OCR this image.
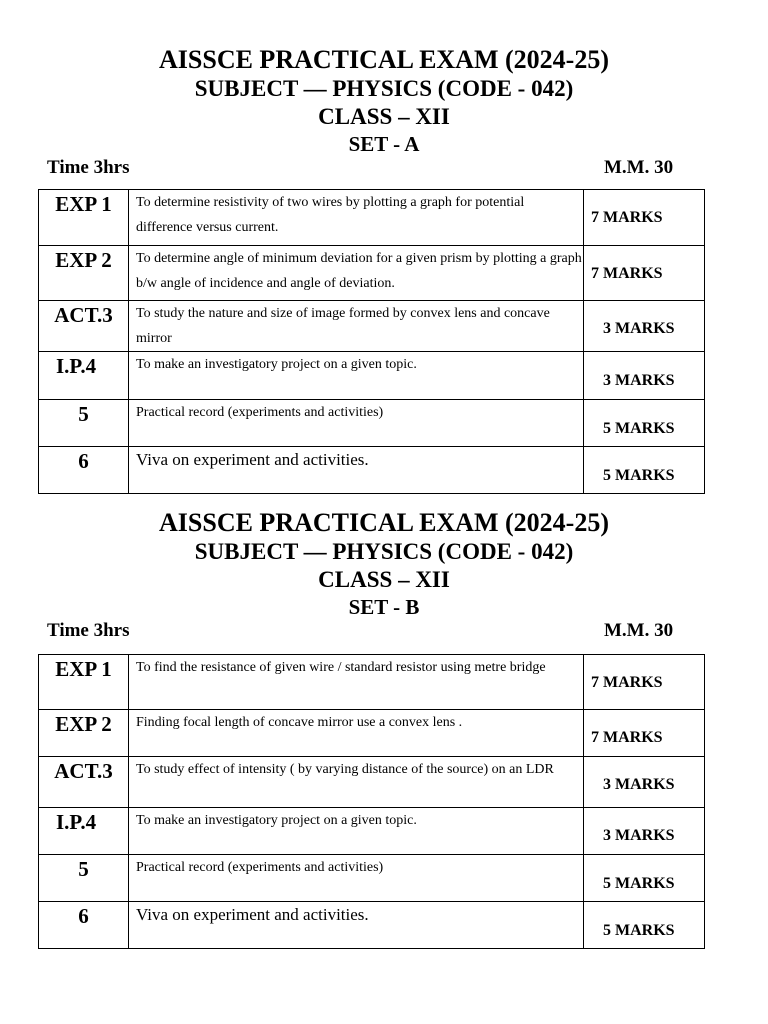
AISSCE PRACTICAL EXAM (2024-25)

SUBJECT — PHYSICS (CODE - 042)

CLASS – XII

SET - A

Time 3hrs	M.M. 30
EXP 1	To determine resistivity of two wires by plotting a graph for potential difference versus current.	7 MARKS

EXP 2	To determine angle of minimum deviation for a given prism by plotting a graph b/w angle of incidence and angle of deviation.	7 MARKS

ACT.3	To study the nature and size of image formed by convex lens and concave mirror	3 MARKS

I.P.4	To make an investigatory project on a given topic.	3 MARKS

5	Practical record (experiments and activities)	5 MARKS

6	Viva on experiment and activities.	5 MARKS

AISSCE PRACTICAL EXAM (2024-25)

SUBJECT — PHYSICS (CODE - 042)

CLASS – XII

SET - B

Time 3hrs	M.M. 30
EXP 1	To find the resistance of given wire / standard resistor using metre bridge	7 MARKS

EXP 2	Finding focal length of concave mirror use a convex lens .	7 MARKS

ACT.3	To study effect of intensity ( by varying distance of the source) on an LDR	3 MARKS

I.P.4	To make an investigatory project on a given topic.	3 MARKS

5	Practical record (experiments and activities)	5 MARKS

6	Viva on experiment and activities.	5 MARKS
